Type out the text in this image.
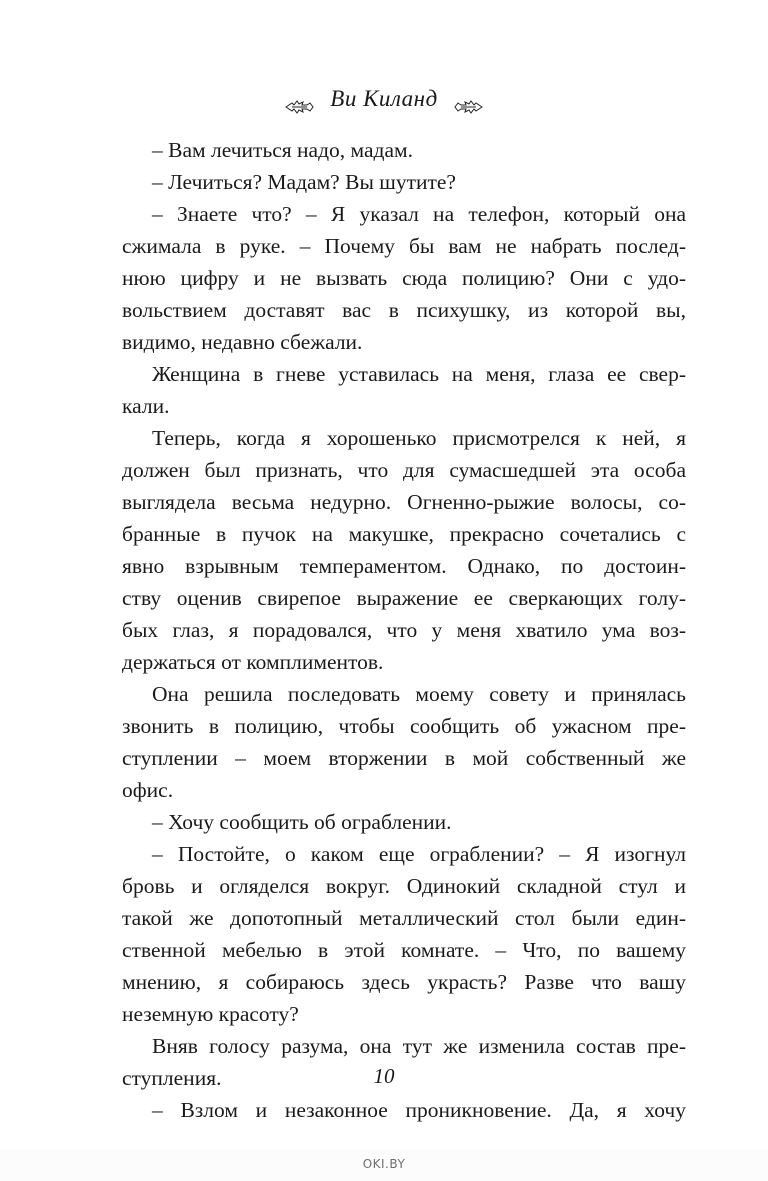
Ви Киланд
– Вам лечиться надо, мадам.
– Лечиться? Мадам? Вы шутите?
– Знаете что? – Я указал на телефон, который она
сжимала в руке. – Почему бы вам не набрать послед-
нюю цифру и не вызвать сюда полицию? Они с удо-
вольствием доставят вас в психушку, из которой вы,
видимо, недавно сбежали.
Женщина в гневе уставилась на меня, глаза ее свер-
кали.
Теперь, когда я хорошенько присмотрелся к ней, я
должен был признать, что для сумасшедшей эта особа
выглядела весьма недурно. Огненно-рыжие волосы, со-
бранные в пучок на макушке, прекрасно сочетались с
явно взрывным темпераментом. Однако, по достоин-
ству оценив свирепое выражение ее сверкающих голу-
бых глаз, я порадовался, что у меня хватило ума воз-
держаться от комплиментов.
Она решила последовать моему совету и принялась
звонить в полицию, чтобы сообщить об ужасном пре-
ступлении – моем вторжении в мой собственный же
офис.
– Хочу сообщить об ограблении.
– Постойте, о каком еще ограблении? – Я изогнул
бровь и огляделся вокруг. Одинокий складной стул и
такой же допотопный металлический стол были един-
ственной мебелью в этой комнате. – Что, по вашему
мнению, я собираюсь здесь украсть? Разве что вашу
неземную красоту?
Вняв голосу разума, она тут же изменила состав пре-
ступления.
– Взлом и незаконное проникновение. Да, я хочу
10
OKI.BY
